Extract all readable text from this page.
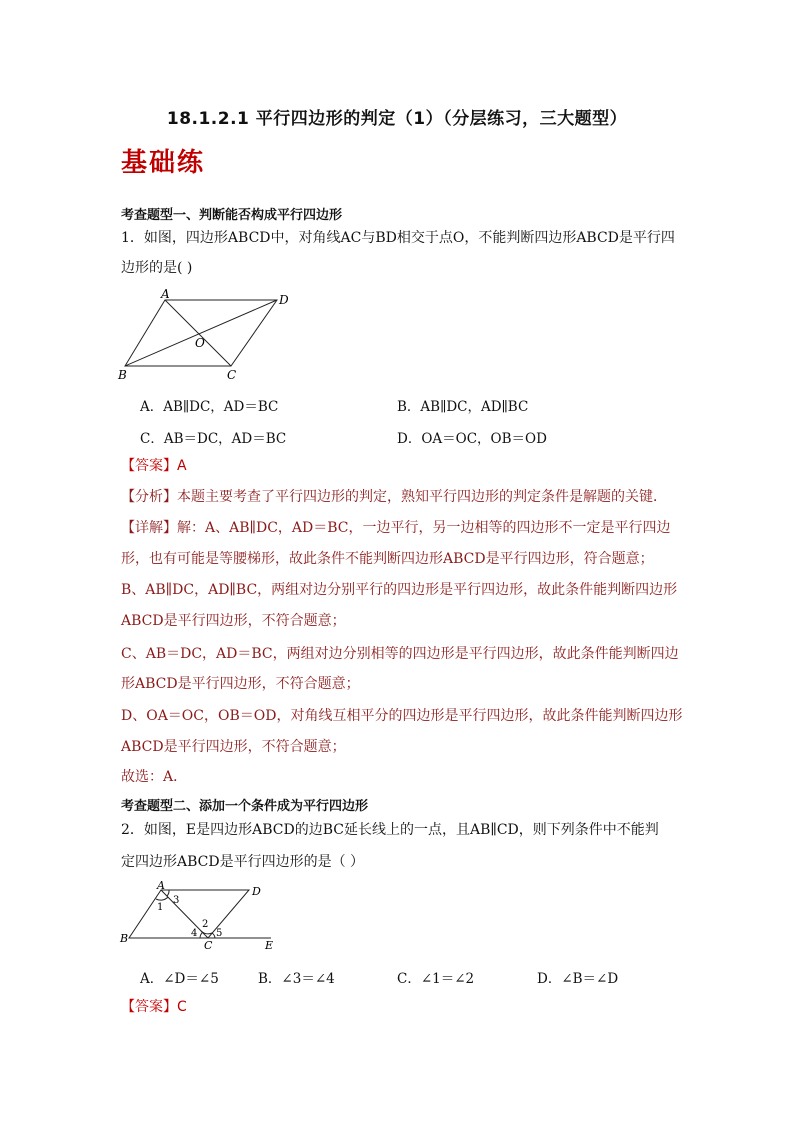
18.1.2.1 平行四边形的判定（1）（分层练习，三大题型）
基础练
考查题型一、判断能否构成平行四边形
1．如图，四边形ABCD中，对角线AC与BD相交于点O，不能判断四边形ABCD是平行四
边形的是( )
A	D
O
B	C
A．AB∥DC，AD＝BC	B．AB∥DC，AD∥BC
C．AB＝DC，AD＝BC	D．OA＝OC，OB＝OD
【答案】A
【分析】本题主要考查了平行四边形的判定，熟知平行四边形的判定条件是解题的关键．
【详解】解：A、AB∥DC，AD＝BC，一边平行，另一边相等的四边形不一定是平行四边
形，也有可能是等腰梯形，故此条件不能判断四边形ABCD是平行四边形，符合题意；
B、AB∥DC，AD∥BC，两组对边分别平行的四边形是平行四边形，故此条件能判断四边形
ABCD是平行四边形，不符合题意；
C、AB＝DC，AD＝BC，两组对边分别相等的四边形是平行四边形，故此条件能判断四边
形ABCD是平行四边形，不符合题意；
D、OA＝OC，OB＝OD，对角线互相平分的四边形是平行四边形，故此条件能判断四边形
ABCD是平行四边形，不符合题意；
故选：A．
考查题型二、添加一个条件成为平行四边形
2．如图，E是四边形ABCD的边BC延长线上的一点，且AB∥CD，则下列条件中不能判
定四边形ABCD是平行四边形的是（ ）
A	D
B
C	E
1
3
2
4 5
A．∠D＝∠5	B．∠3＝∠4	C．∠1＝∠2	D．∠B＝∠D
【答案】C
